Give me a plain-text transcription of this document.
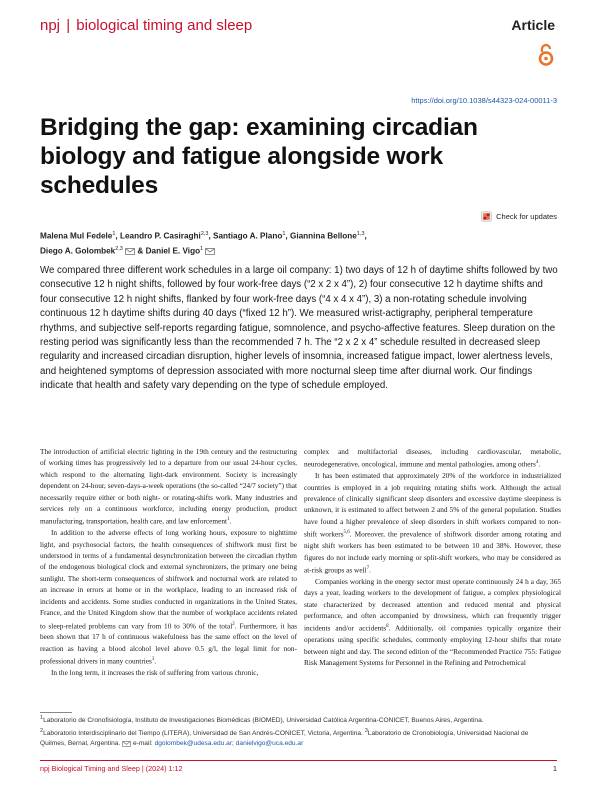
npj | biological timing and sleep	Article
https://doi.org/10.1038/s44323-024-00011-3
Bridging the gap: examining circadian biology and fatigue alongside work schedules
Check for updates
Malena Mul Fedele$^1$, Leandro P. Casiraghi$^{2,3}$, Santiago A. Plano$^1$, Giannina Bellone$^{1,3}$,
Diego A. Golombek$^{2,3}$  & Daniel E. Vigo$^1$
We compared three different work schedules in a large oil company: 1) two days of 12 h of daytime shifts followed by two consecutive 12 h night shifts, followed by four work-free days (“2 x 2 x 4”), 2) four consecutive 12 h daytime shifts and four consecutive 12 h night shifts, flanked by four work-free days (“4 x 4 x 4”), 3) a non-rotating schedule involving continuous 12 h daytime shifts during 40 days (“fixed 12 h”). We measured wrist-actigraphy, peripheral temperature rhythms, and subjective self-reports regarding fatigue, somnolence, and psycho-affective features. Sleep duration on the resting period was significantly less than the recommended 7 h. The “2 x 2 x 4” schedule resulted in decreased sleep regularity and increased circadian disruption, higher levels of insomnia, increased fatigue impact, lower alertness levels, and heightened symptoms of depression associated with more nocturnal sleep time after diurnal work. Our findings indicate that health and safety vary depending on the type of schedule employed.

The introduction of artificial electric lighting in the 19th century and the restructuring of working times has progressively led to a departure from our usual 24-hour cycles, which respond to the alternating light-dark environment. Society is increasingly dependent on 24-hour, seven-days-a-week operations (the so-called “24/7 society”) that necessarily require either or both night- or rotating-shifts work. Many industries and services rely on a continuous workforce, including energy production, product manufacturing, transportation, health care, and law enforcement$^1$.

In addition to the adverse effects of long working hours, exposure to nighttime light, and psychosocial factors, the health consequences of shiftwork must first be understood in terms of a fundamental desynchronization between the circadian rhythm of the endogenous biological clock and external synchronizers, the primary one being sunlight. The short-term consequences of shiftwork and nocturnal work are related to an increase in errors at home or in the workplace, leading to an increased risk of incidents and accidents. Some studies conducted in organizations in the United States, France, and the United Kingdom show that the number of workplace accidents related to sleep-related problems can vary from 10 to 30% of the total$^2$. Furthermore, it has been shown that 17 h of continuous wakefulness has the same effect on the level of reaction as having a blood alcohol level above 0.5 g/l, the legal limit for non-professional drivers in many countries$^3$.

In the long term, it increases the risk of suffering from various chronic,

complex and multifactorial diseases, including cardiovascular, metabolic, neurodegenerative, oncological, immune and mental pathologies, among others$^4$.

It has been estimated that approximately 20% of the workforce in industrialized countries is employed in a job requiring rotating shifts work. Although the actual prevalence of clinically significant sleep disorders and excessive daytime sleepiness is unknown, it is estimated to affect between 2 and 5% of the general population. Studies have found a higher prevalence of sleep disorders in shift workers compared to non-shift workers$^{5,6}$. Moreover, the prevalence of shiftwork disorder among rotating and night shift workers has been estimated to be between 10 and 38%. However, these figures do not include early morning or split-shift workers, who may be considered as at-risk groups as well$^7$.

Companies working in the energy sector must operate continuously 24 h a day, 365 days a year, leading workers to the development of fatigue, a complex physiological state characterized by decreased attention and reduced mental and physical performance, and often accompanied by drowsiness, which can frequently trigger incidents and/or accidents$^8$. Additionally, oil companies typically organize their operations using specific schedules, commonly employing 12-hour shifts that rotate between night and day. The second edition of the “Recommended Practice 755: Fatigue Risk Management Systems for Personnel in the Refining and Petrochemical

$^1$Laboratorio de Cronofisiología, Instituto de Investigaciones Biomédicas (BIOMED), Universidad Católica Argentina-CONICET, Buenos Aires, Argentina.
$^2$Laboratorio Interdisciplinario del Tiempo (LITERA), Universidad de San Andrés-CONICET, Victoria, Argentina. $^3$Laboratorio de Cronobiología, Universidad Nacional de Quilmes, Bernal, Argentina. e-mail: dgolombek@udesa.edu.ar; danielvigo@uca.edu.ar
npj Biological Timing and Sleep | (2024) 1:12	1
